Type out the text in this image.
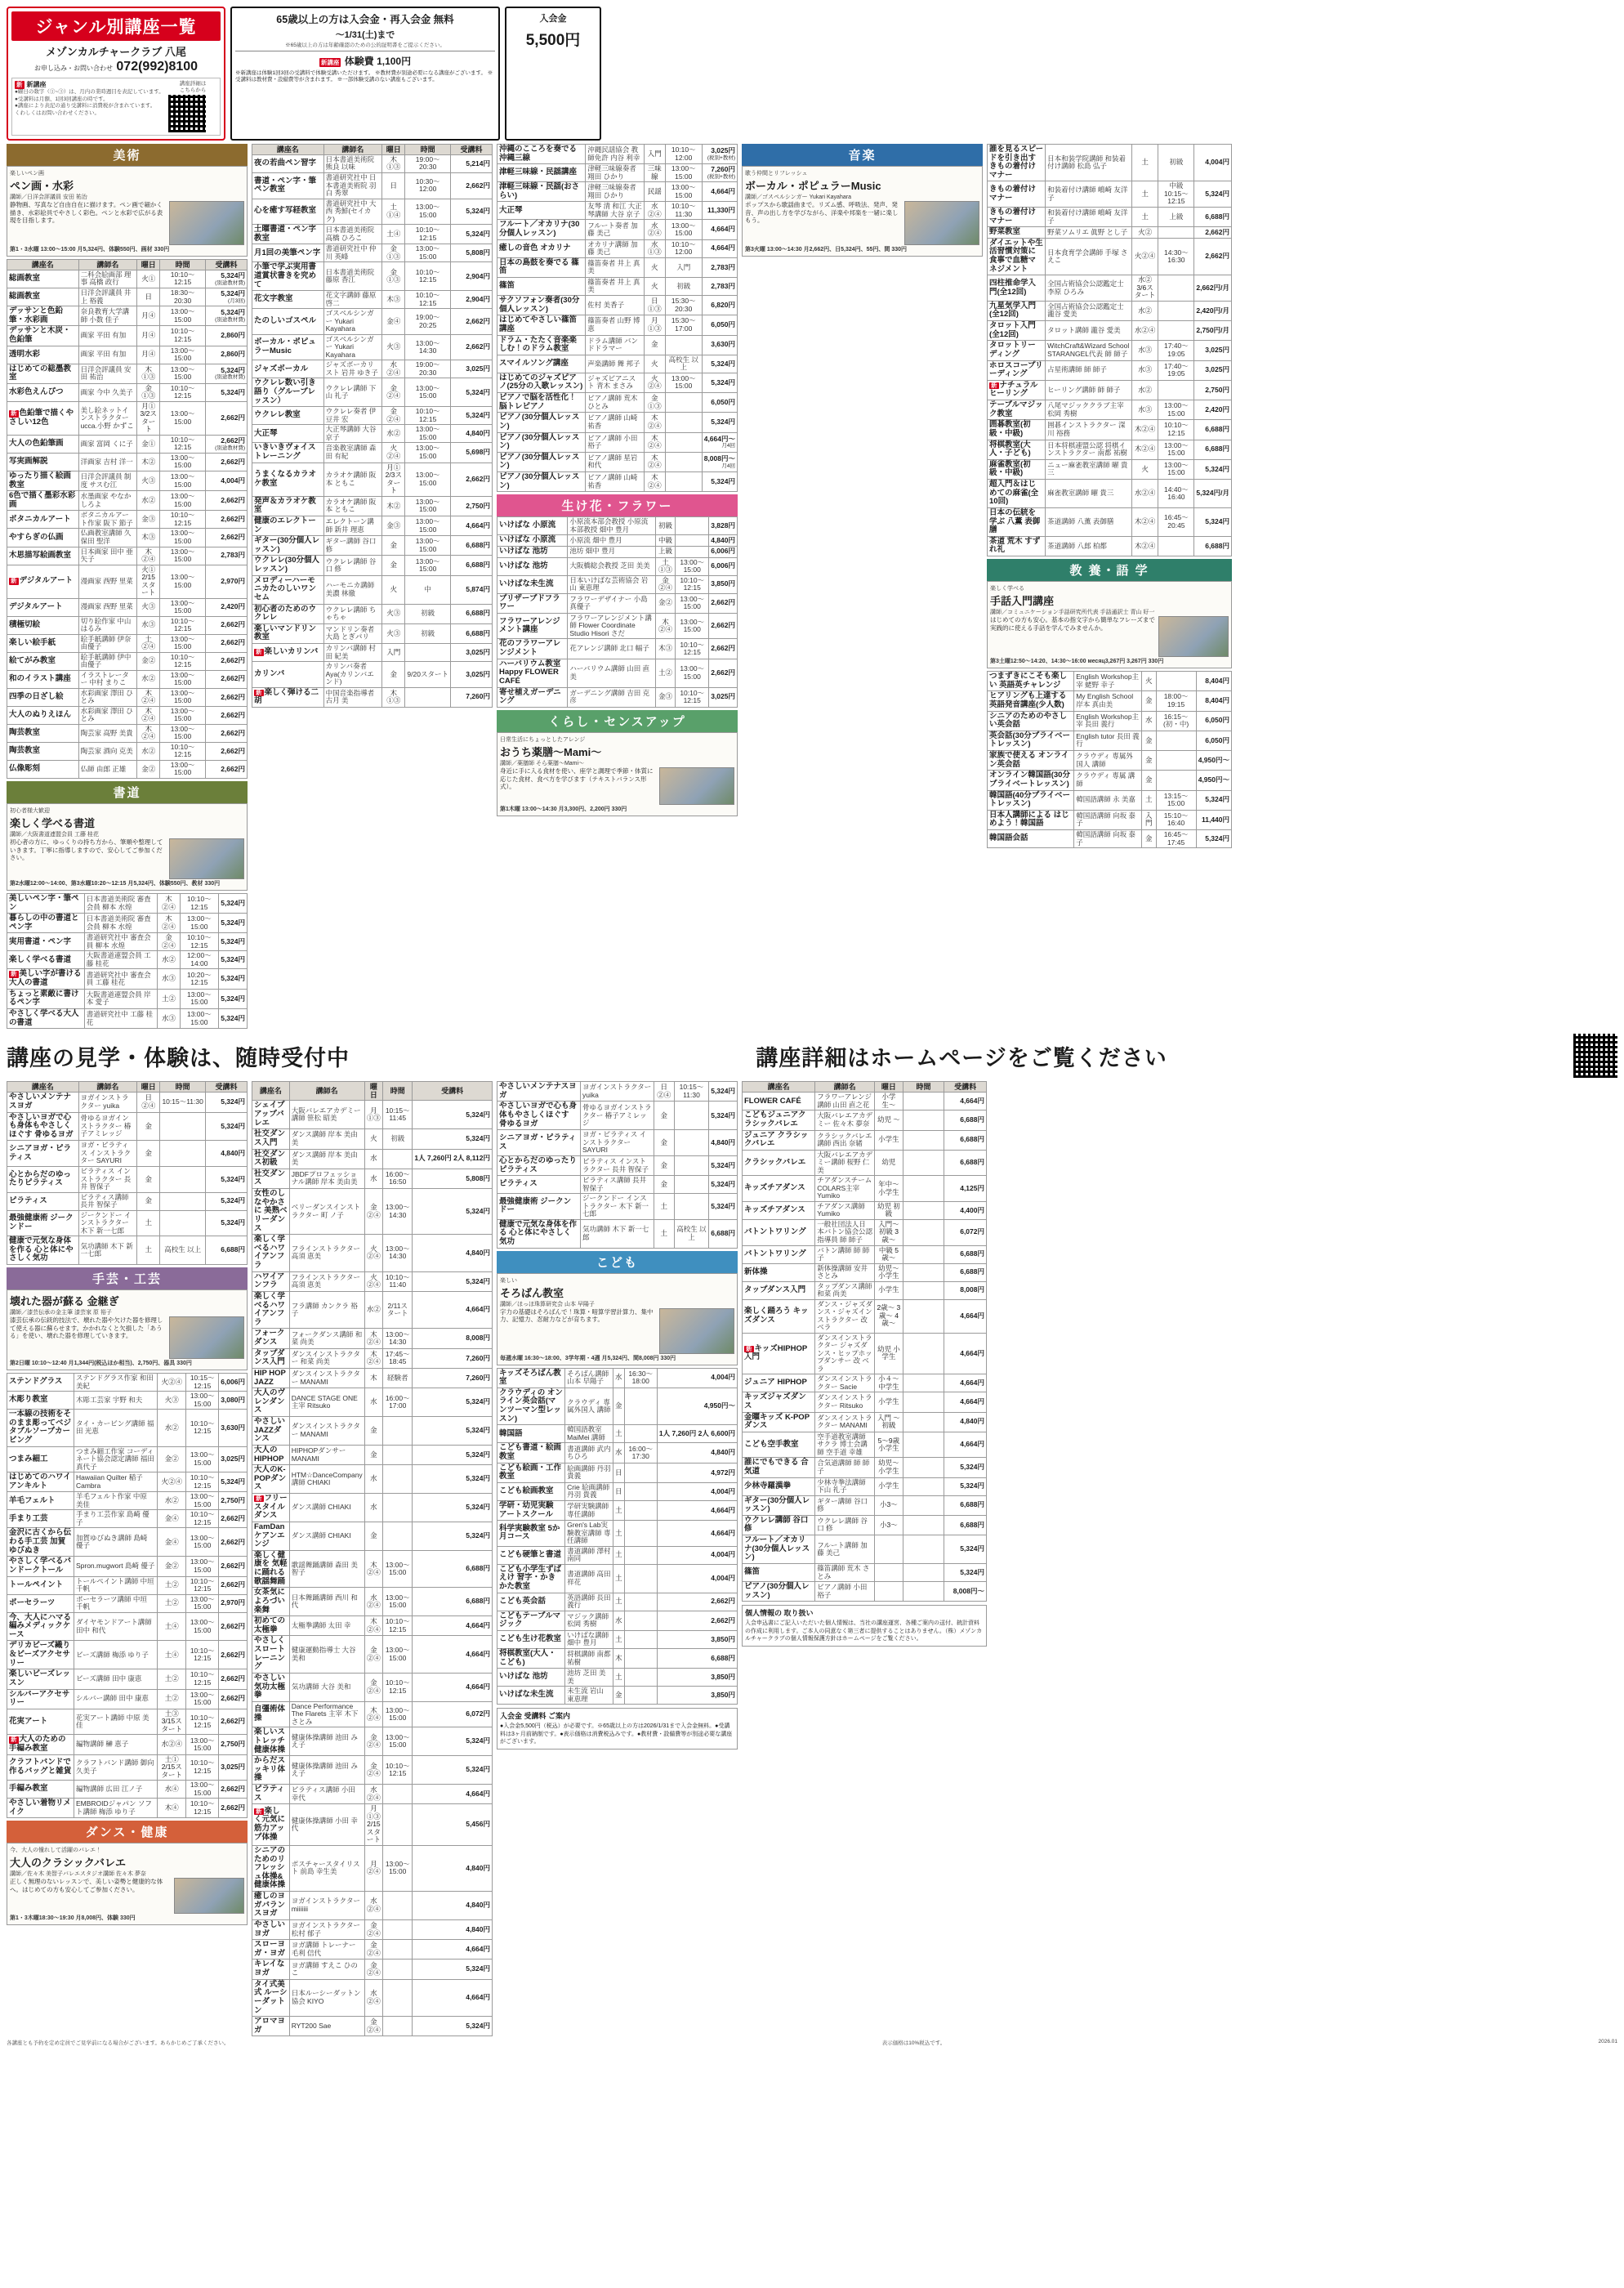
ジャンル別講座一覧
メゾンカルチャークラブ 八尾
お申し込み・お問い合わせ 072(992)8100
新 新講座
●曜日の数字（①~③）は、月内の業時週目を表記しています。
●受講料は月額、1回3回講座の時です。
●講座により表記の通り受講料に消費税が含まれています。
くわしくはお問い合わせください。
講座詳細は
こちらから
65歳以上の方は入会金・再入会金 無料
〜1/31(土)まで
※65歳以上の方は年齢確認のための公的証明書をご提示ください。
新講座 体験費 1,100円
※新講座は体験1回3回の受講料で体験受講いただけます。 ※教材費が別途必要になる講座がございます。 ※受講料は教材費・設備費等が含まれます。 ※一部体験受講のない講座もございます。
入会金
5,500円
美術
楽しいペン画
ペン画・水彩
講師／日洋会評議員 安田 祐治
静物画、写真など自由自在に描けます。ペン画で細かく描き、水彩絵具でやさしく彩色。ペンと水彩で広がる表現を目指します。
第1・3水曜 13:00〜15:00 月5,324円、体験550円、画材 330円
講座名	講師名	曜日	時間	受講料
総画教室	二科会絵画部 理事 高橋 政行	火①	10:10〜12:15	5,324円
(別途教材費)

総画教室	日洋会評議員 井上 裕義	日	18:30〜20:30	5,324円
(月3回)

デッサンと色鉛筆・水彩画	奈良教育大学講師 小数 佳子	月④	13:00〜15:00	5,324円
(別途教材費)

デッサンと木炭・色鉛筆	画家 平田 有加	月④	10:10〜12:15	2,860円
透明水彩	画家 平田 有加	月④	13:00〜15:00	2,860円
はじめての総墨教室	日洋会評議員 安田 祐治	木①③	13:00〜15:00	5,324円
(別途教材費)

水彩色えんぴつ	画家 今中 久美子	金①③	10:10〜12:15	5,324円
新 色鉛筆で描くやさしい12色	美し絵ネットインストラクター ucca.小野 かずこ	月① 3/2スタート	13:00〜15:00	2,662円
大人の色鉛筆画	画家 富岡 くに子	金①	10:10〜12:15	2,662円
(別途教材費)

写実画解説	洋画家 吉村 洋一	木②	13:00〜15:00	2,662円
ゆったり描く絵画教室	日洋会評議員 制度 サスむ江	火③	13:00〜15:00	4,004円
6色で描く墨彩水彩画	水墨画家 やなか しろよ	水②	13:00〜15:00	2,662円
ボタニカルアート	ボタニカルアート作家 阪下 節子	金③	10:10〜12:15	2,662円
やすらぎの仏画	仏画教室講師 久保田 聖洋	木③	13:00〜15:00	2,662円
木思描写絵画教室	日本画家 田中 亜矢子	木②④	13:00〜15:00	2,783円
新 デジタルアート	漫画家 西野 里菜	火① 2/15スタート	13:00〜15:00	2,970円
デジタルアート	漫画家 西野 里菜	火③	13:00〜15:00	2,420円
積極切絵	切り絵作家 中山 はるみ	水③	10:10〜12:15	2,662円
楽しい絵手紙	絵手紙講師 伊奈 由優子	土②④	13:00〜15:00	2,662円
絵てがみ教室	絵手紙講師 伊中 由優子	金②	10:10〜12:15	2,662円
和のイラスト講座	イラストレーター 中村 まりこ	水②	13:00〜15:00	2,662円
四季の日ざし絵	水彩画家 澤田 ひとみ	木②④	13:00〜15:00	2,662円
大人のぬりえほん	水彩画家 澤田 ひとみ	木②④	13:00〜15:00	2,662円
陶芸教室	陶芸家 高野 美貴	木②④	13:00〜15:00	2,662円
陶芸教室	陶芸家 酒向 克美	水②	10:10〜12:15	2,662円
仏像彫刻	仏師 由郎 正雄	金②	13:00〜15:00	2,662円
書道
初心者様大歓迎
楽しく学べる書道
講師／大阪書道連盟会員 工藤 桂花
初心者の方に、ゆっくりの持ち方から、筆順や整理していきます。丁寧に指導しますので、安心してご参加ください。
第2水曜12:00〜14:00、第3水曜10:20〜12:15 月5,324円、体験550円、教材 330円
美しいペン字・筆ペン	日本書道美術院 審査会員 柳本 水煌	木②④	10:10〜12:15	5,324円
暮らしの中の書道とペン字	日本書道美術院 審査会員 柳本 水煌	木②④	13:00〜15:00	5,324円
実用書道・ペン字	書道研究社中 審査会員 柳本 水煌	金②④	10:10〜12:15	5,324円
楽しく学べる書道	大阪書道連盟会員 工藤 桂花	水②	12:00〜14:00	5,324円
新 美しい字が書ける大人の書道	書道研究社中 審査会員 工藤 桂花	水③	10:20〜12:15	5,324円
ちょっと素敵に書けるペン字	大阪書道連盟会員 岸本 愛子	土②	13:00〜15:00	5,324円
やさしく学べる大人の書道	書道研究社中 工藤 桂花	水③	13:00〜15:00	5,324円
講座名	講師名	曜日	時間	受講料
夜の若曲ペン習字	日本書道美術院 熊良 以味	木①③	19:00〜20:30	5,214円
書道・ペン字・筆ペン教室	書道研究社中 日本書道美術院 羽白 秀翠	日	10:30〜12:00	2,662円
心を癒す写経教室	書道研究社中 大西 秀鮮(セイカク)	土①④	13:00〜15:00	5,324円
土曜書道・ペン字教室	日本書道美術院 高橋 ひろこ	土④	10:10〜12:15	5,324円
月1回の美筆ペン字	書道研究社中 仲川 英峰	金①③	13:00〜15:00	5,808円
小筆で学ぶ実用書道賞状書きを究めて	日本書道美術院 藤原 香江	金①③	10:10〜12:15	2,904円
花文字教室	花文字講師 藤原 啓二	木③	10:10〜12:15	2,904円
たのしいゴスペル	ゴスペルシンガー Yukari Kayahara	金④	19:00〜20:25	2,662円
ボーカル・ポピュラーMusic	ゴスペルシンガー Yukari Kayahara	火③	13:00〜14:30	2,662円
ジャズボーカル	ジャズボーカリスト 岩井 ゆき子	水②④	19:00〜20:30	3,025円
ウクレレ数い引き語り（グループレッスン）	ウクレレ講師 下山 礼子	金②④	13:00〜15:00	5,324円
ウクレレ教室	ウクレレ奏者 伊豆井 宏	金②④	10:10〜12:15	5,324円
大正琴	大正琴講師 大谷 京子	水②	13:00〜15:00	4,840円
いきいきヴォイストレーニング	音楽教室講師 森田 有紀	火②④	13:00〜15:00	5,698円
うまくなるカラオケ教室	カラオケ講師 阪本 ともこ	月① 2/3スタート	13:00〜15:00	2,662円
発声＆カラオケ教室	カラオケ講師 阪本 ともこ	木②	13:00〜15:00	2,750円
健康のエレクトーン	エレクトーン講師 新井 理恵	金③	13:00〜15:00	4,664円
ギター(30分個人レッスン)	ギター講師 谷口 修	金	13:00〜15:00	6,688円
ウクレレ(30分個人レッスン)	ウクレレ講師 谷口 修	金	13:00〜15:00	6,688円
メロディーハーモニカたのしいワンセム	ハーモニカ講師 美濃 林徹	火	中	5,874円
初心者のためのウクレレ	ウクレレ講師 ちゃちゃ	火③	初級	6,688円
楽しいマンドリン教室	マンドリン奏者 大島 とぎパリ	火③	初級	6,688円
新 楽しいカリンバ	カリンバ講師 村田 紀美	入門		3,025円
カリンバ	カリンバ奏者 Aya(カリンバエンド)	金	9/20スタート	3,025円
新 楽しく弾ける二胡	中国音楽指導者 古月 美	木①③		7,260円
沖縄のこころを奏でる 沖縄三線	沖縄民謡協会 教師免許 内谷 利幸	入門	10:10〜12:00	3,025円
(税別+教材)

津軽三味線・民謡講座	津軽三味線奏者 翔田 ひかり	三味線	13:00〜15:00	7,260円
(税別+教材)

津軽三味線・民謡(おさらい)	津軽三味線奏者 翔田 ひかり	民謡	13:00〜15:00	4,664円
大正琴	友琴 清 和江 大正琴講師 大谷 京子	水②④	10:10〜11:30	11,330円
フルート／オカリナ(30分個人レッスン)	フルート奏者 加藤 美己	水②④	13:00〜15:00	4,664円
癒しの音色 オカリナ	オカリナ講師 加藤 美己	水①③	10:10〜12:00	4,664円
日本の島鼓を奏でる 篠笛	篠笛奏者 井上 真美	火	入門	2,783円
篠笛	篠笛奏者 井上 真美	火	初級	2,783円
サクソフォン奏者(30分個人レッスン)	佐村 美香子	日①③	15:30〜20:30	6,820円
はじめてやさしい篠笛講座	篠笛奏者 山野 博恵	月①③	15:30〜17:00	6,050円
ドラム・たたく音楽楽しむ！のドラム教室	ドラム講師 バンドドラマー	金		3,630円
スマイルソング講座	声楽講師 舞 邦子	火	高校生 以上	5,324円
はじめてのジャズピアノ(25分の入歌レッスン)	ジャズピアニスト 青木 まさみ	火②④	13:00〜15:00	5,324円
ピアノで脳を活性化！脳トレピアノ	ピアノ講師 荒木 ひとみ	金①③		6,050円
ピアノ(30分個人レッスン)	ピアノ講師 山崎 祐香	木②④		5,324円
ピアノ(30分個人レッスン)	ピアノ講師 小田 裕子	木②④		4,664円〜
月4回

ピアノ(30分個人レッスン)	ピアノ講師 星岩 和代	木②④		8,008円〜
月4回

ピアノ(30分個人レッスン)	ピアノ講師 山崎 祐香	木②④		5,324円
生け花・フラワー
いけばな 小原流	小原流本部会教授 小原流本部教授 畑中 豊月	初級		3,828円
いけばな 小原流	小原流 畑中 豊月	中級		4,840円
いけばな 池坊	池坊 畑中 豊月	上級		6,006円
いけばな 池坊	大阪橋総会教授 芝田 美美	土①③	13:00〜15:00	6,006円
いけばな未生流	日本いけばな芸術協会 岩山 東恵理	金②④	10:10〜12:15	3,850円
プリザーブドフラワー	フラワーデザイナー 小島 真優子	金②	13:00〜15:00	2,662円
フラワーアレンジメント講座	フラワーアレンジメント講師 Flower Coordinate Studio Hisori さだ	木②④	13:00〜15:00	2,662円
花のフラワーアレンジメント	花アレンジ講師 北口 幅子	木③	10:10〜12:15	2,662円
ハーバリウム教室 Happy FLOWER CAFÉ	ハーバリウム講師 山田 直美	土②	13:00〜15:00	2,662円
寄せ植えガーデニング	ガーデニング講師 吉田 克彦	金③	10:10〜12:15	3,025円
くらし・センスアップ
日常生活にちょっとしたアレンジ
おうち薬膳〜Mami〜
講師／薬膳師 そら薬膳〜Mami〜
身近に手に入る食材を使い、座学と調理で季節・体質に応じた食材、食べ方を学びます（テキストバランス形式）。
第1木曜 13:00〜14:30 月3,300円、2,200円 330円
音楽
歌う仲間とリフレッシュ
ボーカル・ポピュラーMusic
講師／ゴスペルシンガー Yukari Kayahara
ポップスから歌謡曲まで。リズム感、呼吸法、発声、発音、声の出し方を学びながら、洋楽や邦楽を一緒に楽しもう。
第3火曜 13:00〜14:30 月2,662円、日5,324円、55円、間 330円
誰を見るスピードを引き出す きもの着付けマナー	日本和装学院講師 和装着付け講師 松島 弘子	土	初級	4,004円
きもの着付けマナー	和装着付け講師 嶋崎 友洋子	土	中級 10:15〜12:15	5,324円
きもの着付けマナー	和装着付け講師 嶋崎 友洋子	土	上級	6,688円
野菜教室	野菜ソムリエ 眞野 とし子	火②		2,662円
ダイエットや生活習慣対策に 食事で血糖マネジメント	日本食育学会講師 手塚 さえこ	火②④	14:30〜16:30	2,662円
四柱推命学入門(全12回)	全国占術協会公認鑑定士 李原 ひろみ	水② 3/6スタート		2,662円/月
九星気学入門(全12回)	全国占術協会公認鑑定士 瀧谷 愛美	水②		2,420円/月
タロット入門(全12回)	タロット講師 瀧谷 愛美	水②④		2,750円/月
タロットリーディング	WitchCraft&Wizard School STARANGEL代表 師 師子	水③	17:40〜19:05	3,025円
ホロスコープリーディング	占星術講師 師 師子	水③	17:40〜19:05	3,025円
新 ナチュラル ヒーリング	ヒーリング講師 師 師子	水②		2,750円
テーブルマジック教室	八尾マジッククラブ主宰 松岡 秀樹	水③	13:00〜15:00	2,420円
囲碁教室(初級・中級)	囲碁インストラクター 深川 裕務	木②④	10:10〜12:15	6,688円
将棋教室(大人・子ども)	日本将棋連盟公認 将棋インストラクター 南都 祐樹	木②④	13:00〜15:00	6,688円
麻雀教室(初級・中級)	ニュー麻雀教室講師 曜 貴三	火	13:00〜15:00	5,324円
超入門＆はじめての麻雀(全10回)	麻雀教室講師 曜 貴三	水②④	14:40〜16:40	5,324円/月
日本の伝統を学ぶ 八薫 表御膳	茶道講師 八薫 表御膳	木②④	16:45〜20:45	5,324円
茶道 荒木 すずれ礼	茶道講師 八郎 柏都	木②④		6,688円
教 養・語 学
楽しく学べる
手話入門講座
講師／コミュニケーション手話研究所代表 手話通訳士 青山 好一
はじめての方も安心。基本の指文字から簡単なフレーズまで実践的に使える手話を学んでみませんか。
第3土曜12:50〜14:20、14:30〜16:00 месяц3,267円 3,267円 330円
つまずきにこそも楽しい 英語英チャレンジ	English Workshop主宰 蛯野 幸子	火		8,404円
ヒアリングも上達する英語発音講座(少人数)	My English School 岸本 真由美	金	18:00〜19:15	8,404円
シニアのためのやさしい英会話	English Workshop主宰 長田 義行	水	16:15〜(初・中)	6,050円
英会話(30分プライベートレッスン)	English tutor 長田 義行	金		6,050円
家族で使える オンライン英会話	クラウディ 専属外国人 講師	金		4,950円〜
オンライン韓国語(30分プライベートレッスン)	クラウディ 専属 講師	金		4,950円〜
韓国語(40分プライベートレッスン)	韓国語講師 永 美嘉	土	13:15〜15:00	5,324円
日本人講師による はじめよう！韓国語	韓国語講師 向坂 泰子	入門	15:10〜16:40	11,440円
韓国語会話	韓国語講師 向坂 泰子	金	16:45〜17:45	5,324円
講座の見学・体験は、随時受付中	講座詳細はホームページをご覧ください
講座名	講師名	曜日	時間	受講料
やさしいメンテナスヨガ	ヨガインストラクター yuika	日②④	10:15〜11:30	5,324円
やさしいヨガで心も身体もやさしくほぐす 骨ゆるヨガ	骨ゆるヨガインストラクター 椿子アミレッジ	金		5,324円
シニアヨガ・ピラティス	ヨガ・ピラティス インストラクター SAYURI	金		4,840円
心とからだのゆったりピラティス	ピラティス インストラクター 長井 智保子	金		5,324円
ピラティス	ピラティス講師 長井 智保子	金		5,324円
最強健康術 ジークンドー	ジークンドー インストラクター 木下 新一七郎	土		5,324円
健康で元気な身体を作る 心と体にやさしく気功	気功講師 木下 新一七郎	土	高校生 以上	6,688円
手芸・工芸
壊れた器が蘇る 金継ぎ
講師／漆芸伝承の金主筆 漆芸家 原 裕子
漆芸伝承の伝統的技法で、壊れた器や欠けた器を修理して使える器に蘇らせます。かかれなくと欠損した「あうる」を使い、壊れた器を修理していきます。
第2日曜 10:10〜12:40 月1,344円(税込ほか相当)、2,750円、器具 330円
ステンドグラス	ステンドグラス作家 和田 美紀	火②④	10:15〜12:15	6,006円
木彫り教室	木彫工芸家 宇野 和夫	火③	13:00〜15:00	3,080円
一本線の技術をそのまま彫ってベジタブルソープカービング	タイ・カービング講師 福田 光恵	水②	10:10〜12:15	3,630円
つまみ細工	つまみ細工作家 コーディネート協会認定講師 福田 真代子	金②	13:00〜15:00	3,025円
はじめてのハワイアンキルト	Hawaiian Quilter 稲子 Cambra	火②④	10:10〜12:15	5,324円
羊毛フェルト	羊毛フェルト作家 中原 美佳	水②	13:00〜15:00	2,750円
手まり工芸	手まり工芸作家 島崎 優子	金④	10:10〜12:15	2,662円
金沢に古くから伝わる手工芸 加賀ゆびぬき	加賀ゆびぬき講師 島崎 優子	金④	13:00〜15:00	2,662円
やさしく学べるパンドークトール	Spron.mugwort 島崎 優子	金②	13:00〜15:00	2,662円
トールペイント	トールペイント講師 中垣 千帆	土②	10:10〜12:15	2,662円
ポーセラーツ	ポーセラーツ講師 中垣 千帆	土②	13:00〜15:00	2,970円
今、大人にハマる編みメディックケース	ダイヤモンドアート講師 田中 和代	土④	13:00〜15:00	2,662円
デリカビーズ織り＆ビーズアクセサリー	ビーズ講師 梅添 ゆり子	土④	10:10〜12:15	2,662円
楽しいビーズレッスン	ビーズ講師 田中 康恵	土②	10:10〜12:15	2,662円
シルバーアクセサリー	シルバー講師 田中 康恵	土②	13:00〜15:00	2,662円
花実アート	花実アート講師 中原 美佳	土③ 3/15スタート	10:10〜12:15	2,662円
新 大人のための手編み教室	編物講師 榊 恵子	水②④	13:00〜15:00	2,750円
クラフトバンドで作るバッグと雑貨	クラフトバンド講師 御向 久美子	土① 2/15スタート	10:10〜12:15	3,025円
手編み教室	編物講師 広田 江ノ子	水④	13:00〜15:00	2,662円
やさしい着物リメイク	EMBROIDジャパン ソフト講師 梅添 ゆり子	木④	10:10〜12:15	2,662円
ダンス・健康
今、大人の憧れして活躍のバレエ！
大人のクラシックバレエ
講師／佐々木 美智子バレエスタジオ講師 佐々木 夢奈
正しく無理のないレッスンで、美しい姿勢と健康的な体へ。はじめての方も安心してご参加ください。
第1・3木曜18:30〜19:30 月8,008円、体験 330円
講座名	講師名	曜日	時間	受講料
シェイプアップバレエ	大阪バレエアカデミー講師 笹松 昭美	月①③	10:15〜11:45	5,324円
社交ダンス入門	ダンス講師 岸本 美由美	火	初級	5,324円
社交ダンス初級	ダンス講師 岸本 美由美	水		1人 7,260円 2人 8,112円
社交ダンス	JBDFプロフェッショナル講師 岸本 美由美	水	16:00〜16:50	5,808円
女性のしなやかさに 美熟ベリーダンス	ベリーダンスインストラクター 町 ノ子	金②④	13:00〜14:30	5,324円
楽しく学べるハワイアンフラ	フラインストラクター 高須 恵美	火②④	13:00〜14:30	4,840円
ハワイアンフラ	フラインストラクター 高須 恵美	火②④	10:10〜11:40	5,324円
楽しく学べるハワイアンフラ	フラ講師 カンクラ 裕子	水②	2/11スタート	4,664円
フォークダンス	フォークダンス講師 和菜 尚美	木②④	13:00〜14:30	8,008円
タップダンス入門	ダンスインストラクター 和菜 尚美	木②④	17:45〜18:45	7,260円
HIP HOP JAZZ	ダンスインストラクター MANAMI	木	経験者	7,260円
大人のヴレンダンス	DANCE STAGE ONE主宰 Ritsuko	水	16:00〜17:00	5,324円
やさしいJAZZダンス	ダンスインストラクター MANAMI	金		5,324円
大人のHIPHOP	HIPHOPダンサー MANAMI	金		5,324円
大人のK-POPダンス	HTM☆DanceCompany 講師 CHIAKI	水		5,324円
新 フリースタイルダンス	ダンス講師 CHIAKI	水		5,324円
FamDanケアンエンジ	ダンス講師 CHIAKI	金		5,324円
楽しく健康を 気軽に踊れる 歌謡舞踊	歌謡舞踊講師 森田 美智子	木②④	13:00〜15:00	6,688円
女茶気によろづい楽舞	日本舞踊講師 西川 和代	水②④	13:00〜15:00	6,688円
初めての太極拳	太極拳講師 太田 幸	木②④	10:10〜12:15	4,664円
やさしくスロートレーニング	健康運動指導士 大谷 美和	金②④	13:00〜15:00	4,664円
やさしい気功太極拳	気功講師 大谷 美和	金②④	10:10〜12:15	4,664円
自彊術体操	Dance Performance The Flarets 主宰 木下 さとみ	木②④	13:00〜15:00	6,072円
楽しいストレッチ健康体操	健康体操講師 池田 みえ子	金②④	13:00〜15:00	5,324円
からだスッキリ体操	健康体操講師 池田 みえ子	金②④	10:10〜12:15	5,324円
ピラティス	ピラティス講師 小田 幸代	水②④		4,664円
新 楽しく元気に筋力アップ体操	健康体操講師 小田 幸代	月①③ 2/15スタート		5,456円
シニアのためのリフレッシュ体操&健康体操	ポスチャースタイリスト 前島 幸生美	月②④	13:00〜15:00	4,840円
癒しのヨガバランスヨガ	ヨガインストラクター miiiiiii	水②④		4,840円
やさしいヨガ	ヨガインストラクター 松村 郁子	金②④		4,840円
スローヨガ・ヨガ	ヨガ講師 トレーナー 毛利 信代	金②④		4,664円
キレイなヨガ	ヨガ講師 すえこ ひのこ	金②④		5,324円
タイ式美式 ルーシーダットン	日本ルーシーダットン協会 KIYO	水②④		4,664円
アロマヨガ	RYT200 Sae	金②④		5,324円
やさしいメンテナスヨガ	ヨガインストラクター yuika	日②④	10:15〜11:30	5,324円
やさしいヨガで心も身体もやさしくほぐす 骨ゆるヨガ	骨ゆるヨガインストラクター 椿子アミレッジ	金		5,324円
シニアヨガ・ピラティス	ヨガ・ピラティス インストラクター SAYURI	金		4,840円
心とからだのゆったりピラティス	ピラティス インストラクター 長井 智保子	金		5,324円
ピラティス	ピラティス講師 長井 智保子	金		5,324円
最強健康術 ジークンドー	ジークンドー インストラクター 木下 新一七郎	土		5,324円
健康で元気な身体を作る 心と体にやさしく気功	気功講師 木下 新一七郎	土	高校生 以上	6,688円
こども
楽しい
そろばん教室
講師／ほっほ珠算研究会 山本 早陽子
字力の基礎はそろばんで！珠算・暗算学習計算力、集中力、記憶力、忍耐力などが育ちます。
毎週水曜 16:30〜18:00、3学年期・4週 月5,324円、間8,008円 330円
キッズそろばん教室	そろばん講師 山本 早陽子	水	16:30〜18:00	4,004円
クラウディの オンライン英会話(マンツーマン型レッスン)	クラウディ 専属外国人 講師	金		4,950円〜
韓国語	韓国語教室MaiMei 講師	土		1人 7,260円 2人 6,600円
こども書道・絵画教室	書道講師 武内 ちひろ	水	16:00〜17:30	4,840円
こども絵画・工作教室	絵画講師 丹羽 貴義	日		4,972円
こども絵画教室	Crie 絵画講師 丹羽 貴義	日		4,004円
学研・幼児実験 アートスクール	学研実験講師 専任講師	土		4,664円
科学実験教室 5か月コース	Gren's Lab実験教室講師 専任講師	土		4,664円
こども硬筆と書道	書道講師 澤村 南同	土		4,004円
こども小学生ずばえけ 習字・かきかた教室	書道講師 高田 祥花	土		4,004円
こども英会話	英語講師 長田 義行	土		2,662円
こどもテーブルマジック	マジック講師 松岡 秀樹	水		2,662円
こども生け花教室	いけばな講師 畑中 豊月	土		3,850円
将棋教室(大人・こども)	将棋講師 南都 祐樹	木		6,688円
いけばな 池坊	池坊 芝田 美美	土		3,850円
いけばな未生流	未生流 岩山 東恵理	金		3,850円
入会金 受講料 ご案内
●入会金5,500円（税込）が必要です。※65歳以上の方は2026/1/31まで入会金無料。●受講料は3ヶ月前納制です。●表示価格は消費税込みです。●教材費・設備費等が別途必要な講座がございます。
講座名	講師名	曜日	時間	受講料
FLOWER CAFÉ	フラワーアレンジ講師 山田 直之花	小学生〜		4,664円
こどもジュニアクラシックバレエ	大阪バレエアカデミー 佐々木 夢奈	幼児 〜		6,688円
ジュニア クラシックバレエ	クラシックバレエ講師 西出 奈緒	小学生		6,688円
クラシックバレエ	大阪バレエアカデミー講師 桜野 仁美	幼児		6,688円
キッズチアダンス	チアダンスチーム COLARS主宰 Yumiko	年中〜 小学生		4,125円
キッズチアダンス	チアダンス講師 Yumiko	幼児 初級		4,400円
バトントワリング	一般社団法人日本バトン協会公認指導員 師 師子	入門〜初級 3歳〜		6,072円
バトントワリング	バトン講師 師 師子	中級 5歳〜		6,688円
新体操	新体操講師 安井 さとみ	幼児〜 小学生		6,688円
タップダンス入門	タップダンス講師 和菜 尚美	小学生		8,008円
楽しく踊ろう キッズダンス	ダンス・ジャズダンス・ジャズインストラクター 改 ベラ	2歳〜 3歳〜 4歳〜		4,664円
新 キッズHIPHOP入門	ダンスインストラクター ジャズダンス・ヒップホップダンサー 改 ベラ	幼児 小学生		4,664円
ジュニア HIPHOP	ダンスインストラクター Sacie	小４〜 中学生		4,664円
キッズジャズダンス	ダンスインストラクター Ritsuko	小学生		4,664円
金曜キッズ K-POPダンス	ダンスインストラクター MANAMI	入門 〜初級		4,840円
こども空手教室	空手道教室講師 サクラ 博士会講師 空手道 幸雄	5〜9歳 小学生		4,664円
誰にでもできる 合気道	合気道講師 師 師子	幼児〜 小学生		5,324円
少林寺羅漢拳	少林寺拳法講師 下山 礼子	小学生		5,324円
ギター(30分個人レッスン)	ギター講師 谷口 修	小3〜		6,688円
ウクレレ講師 谷口 修	ウクレレ講師 谷口 修	小3〜		6,688円
フルート／オカリナ(30分個人レッスン)	フルート講師 加藤 美己			5,324円
篠笛	篠笛講師 荒木 さとみ			5,324円
ピアノ(30分個人レッスン)	ピアノ講師 小田 裕子			8,008円〜
個人情報の 取り扱い
入会申込書にご記入いただいた個人情報は、当社の講座運営、各種ご案内の送付、統計資料の作成に利用します。ご本人の同意なく第三者に提供することはありません。（株）メゾンカルチャークラブの個人情報保護方針はホームページをご覧ください。
各講座とも予約を定め定員でご見学前になる場合がございます。あらかじめご了承ください。	表示価格は10%税込です。	2026.01
